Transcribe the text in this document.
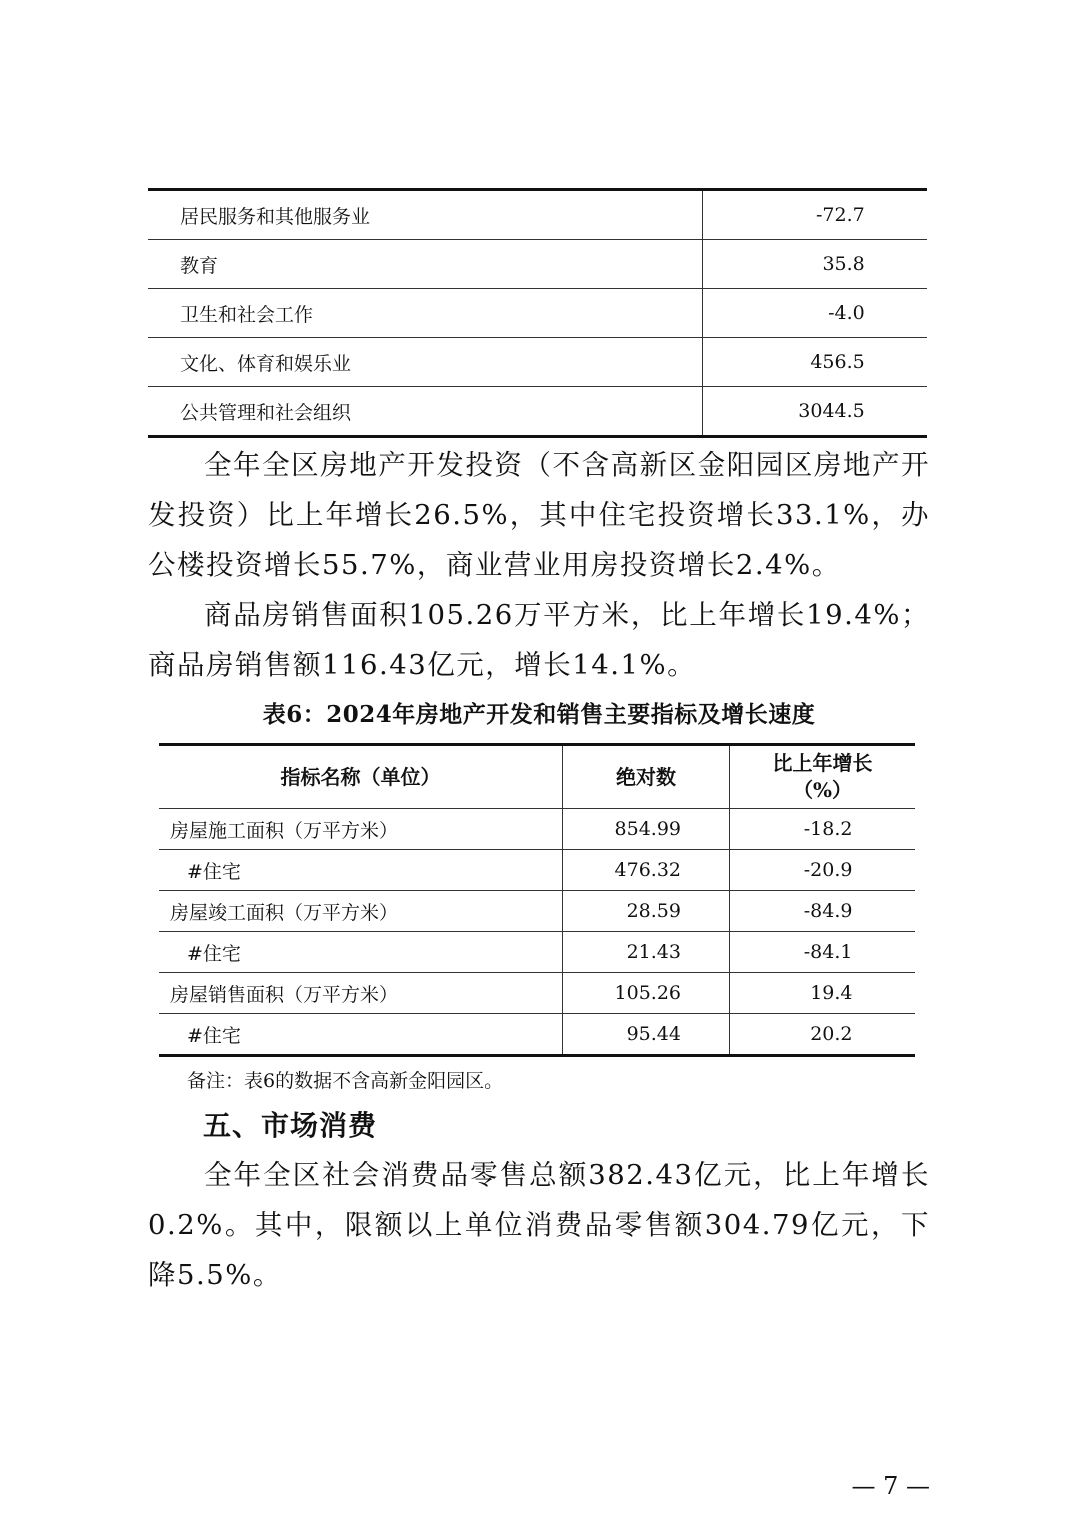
居民服务和其他服务业	-72.7
教育	35.8
卫生和社会工作	-4.0
文化、体育和娱乐业	456.5
公共管理和社会组织	3044.5

全年全区房地产开发投资（不含高新区金阳园区房地产开发投资）比上年增长26.5%，其中住宅投资增长33.1%，办公楼投资增长55.7%，商业营业用房投资增长2.4%。

商品房销售面积105.26万平方米，比上年增长19.4%；商品房销售额116.43亿元，增长14.1%。

表6：2024年房地产开发和销售主要指标及增长速度
指标名称（单位）	绝对数	比上年增长
（%）
房屋施工面积（万平方米）	854.99	-18.2
#住宅	476.32	-20.9
房屋竣工面积（万平方米）	28.59	-84.9
#住宅	21.43	-84.1
房屋销售面积（万平方米）	105.26	19.4
#住宅	95.44	20.2
备注：表6的数据不含高新金阳园区。
五、市场消费

全年全区社会消费品零售总额382.43亿元，比上年增长0.2%。其中，限额以上单位消费品零售额304.79亿元，下降5.5%。

— 7 —
